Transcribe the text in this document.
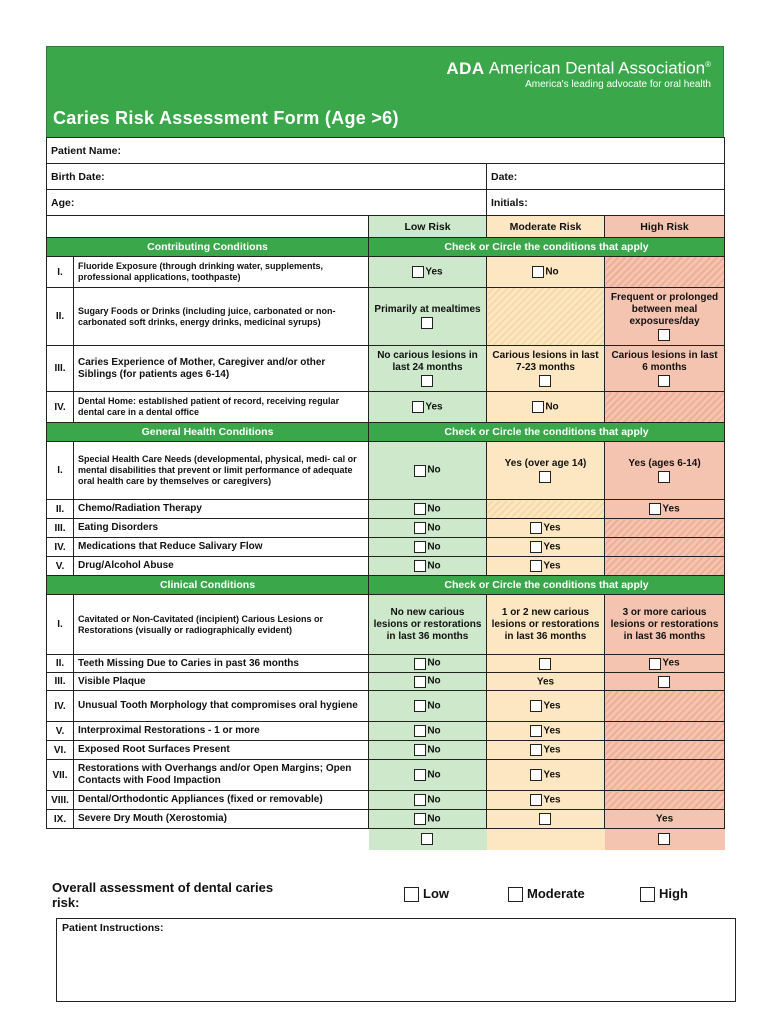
ADA American Dental Association®
America's leading advocate for oral health
Caries Risk Assessment Form (Age >6)
Patient Name:				
Birth Date:			Date:	
Age:			Initials:	
		Low Risk	Moderate Risk	High Risk
Contributing Conditions		Check or Circle the conditions that apply		
I.	Fluoride Exposure (through drinking water, supplements, professional applications, toothpaste)	Yes	No	
II.	Sugary Foods or Drinks (including juice, carbonated or non-carbonated soft drinks, energy drinks, medicinal syrups)	Primarily at mealtimes		Frequent or prolonged between meal exposures/day

III.	Caries Experience of Mother, Caregiver and/or other Siblings (for patients ages 6-14)	No carious lesions in last 24 months	Carious lesions in last 7-23 months	Carious lesions in last 6 months

IV.	Dental Home: established patient of record, receiving regular dental care in a dental office	Yes	No	
General Health Conditions		Check or Circle the conditions that apply		
I.	Special Health Care Needs (developmental, physical, medi- cal or mental disabilities that prevent or limit performance of adequate oral health care by themselves or caregivers)	No	Yes (over age 14)	Yes (ages 6-14)

II.	Chemo/Radiation Therapy	No		Yes
III.	Eating Disorders	No	Yes	
IV.	Medications that Reduce Salivary Flow	No	Yes	
V.	Drug/Alcohol Abuse	No	Yes	
Clinical Conditions		Check or Circle the conditions that apply		
I.	Cavitated or Non-Cavitated (incipient) Carious Lesions or Restorations (visually or radiographically evident)	No new carious lesions or restorations in last 36 months	1 or 2 new carious lesions or restorations in last 36 months	3 or more carious lesions or restorations in last 36 months

II.	Teeth Missing Due to Caries in past 36 months	No		Yes
III.	Visible Plaque	No	Yes	
IV.	Unusual Tooth Morphology that compromises oral hygiene	No	Yes	
V.	Interproximal Restorations - 1 or more	No	Yes	
VI.	Exposed Root Surfaces Present	No	Yes	
VII.	Restorations with Overhangs and/or Open Margins; Open Contacts with Food Impaction	No	Yes	
VIII.	Dental/Orthodontic Appliances (fixed or removable)	No	Yes	
IX.	Severe Dry Mouth (Xerostomia)	No		Yes

Overall assessment of dental caries risk:
Low	Moderate	High
Patient Instructions:
